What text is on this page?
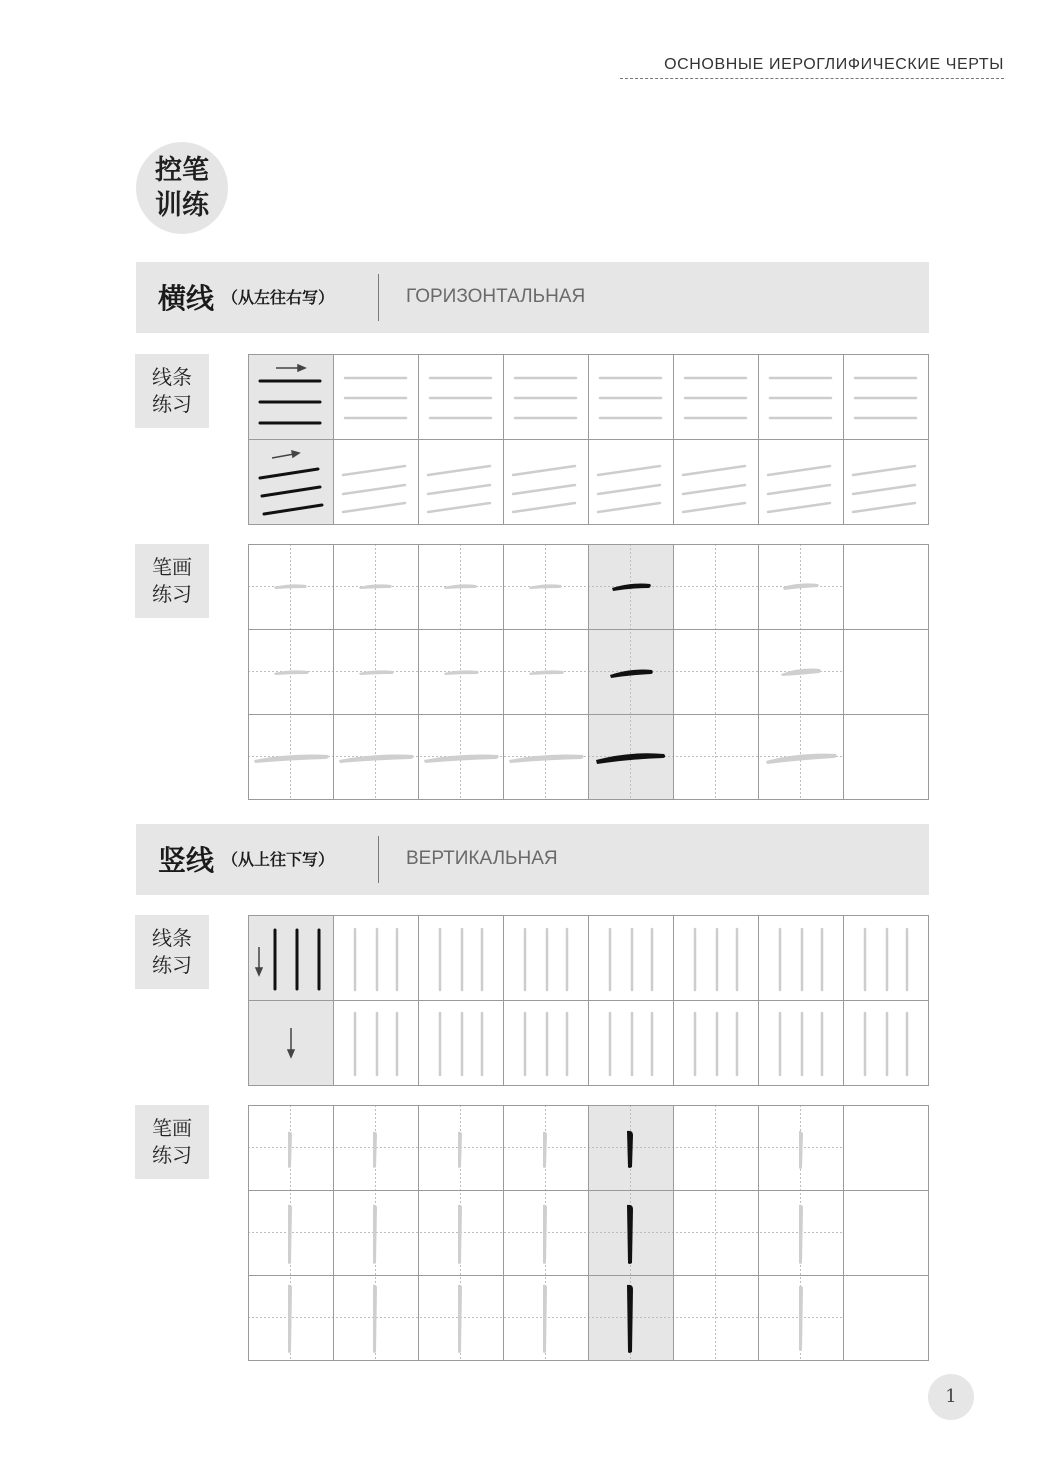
ОСНОВНЫЕ ИЕРОГЛИФИЧЕСКИЕ ЧЕРТЫ
控笔
训练
横线 （从左往右写）	ГОРИЗОНТАЛЬНАЯ
线条
练习
笔画
练习
竖线 （从上往下写）	ВЕРТИКАЛЬНАЯ
线条
练习
笔画
练习
1
